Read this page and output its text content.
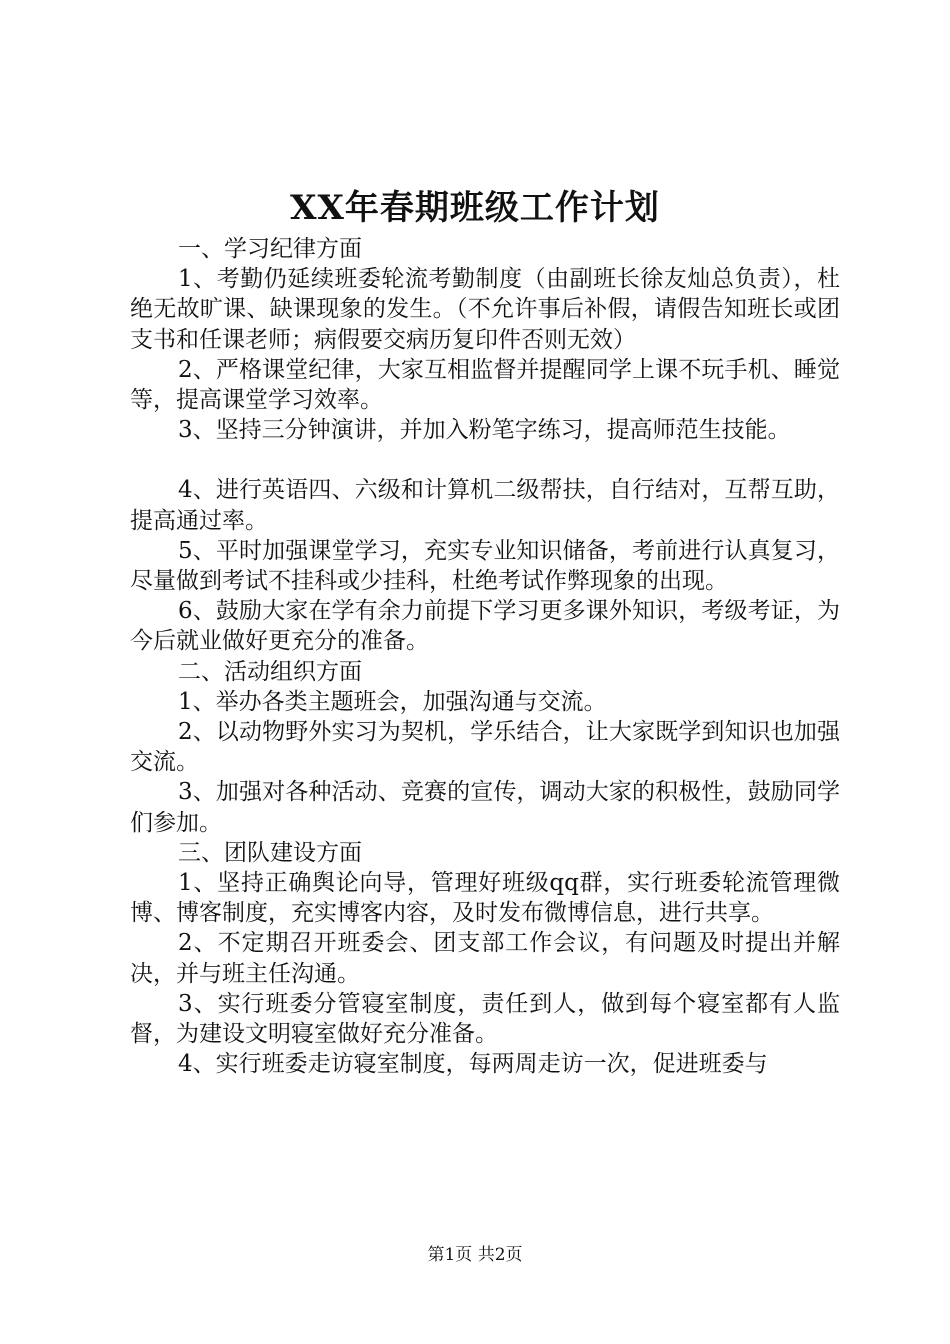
XX年春期班级工作计划

一、学习纪律方面

1、考勤仍延续班委轮流考勤制度（由副班长徐友灿总负责），杜绝无故旷课、缺课现象的发生。（不允许事后补假，请假告知班长或团支书和任课老师；病假要交病历复印件否则无效）

2、严格课堂纪律，大家互相监督并提醒同学上课不玩手机、睡觉等，提高课堂学习效率。

3、坚持三分钟演讲，并加入粉笔字练习，提高师范生技能。

4、进行英语四、六级和计算机二级帮扶，自行结对，互帮互助，提高通过率。

5、平时加强课堂学习，充实专业知识储备，考前进行认真复习，尽量做到考试不挂科或少挂科，杜绝考试作弊现象的出现。

6、鼓励大家在学有余力前提下学习更多课外知识，考级考证，为今后就业做好更充分的准备。

二、活动组织方面

1、举办各类主题班会，加强沟通与交流。

2、以动物野外实习为契机，学乐结合，让大家既学到知识也加强交流。

3、加强对各种活动、竞赛的宣传，调动大家的积极性，鼓励同学们参加。

三、团队建设方面

1、坚持正确舆论向导，管理好班级qq群，实行班委轮流管理微博、博客制度，充实博客内容，及时发布微博信息，进行共享。

2、不定期召开班委会、团支部工作会议，有问题及时提出并解决，并与班主任沟通。

3、实行班委分管寝室制度，责任到人，做到每个寝室都有人监督，为建设文明寝室做好充分准备。

4、实行班委走访寝室制度，每两周走访一次，促进班委与

第1页 共2页
